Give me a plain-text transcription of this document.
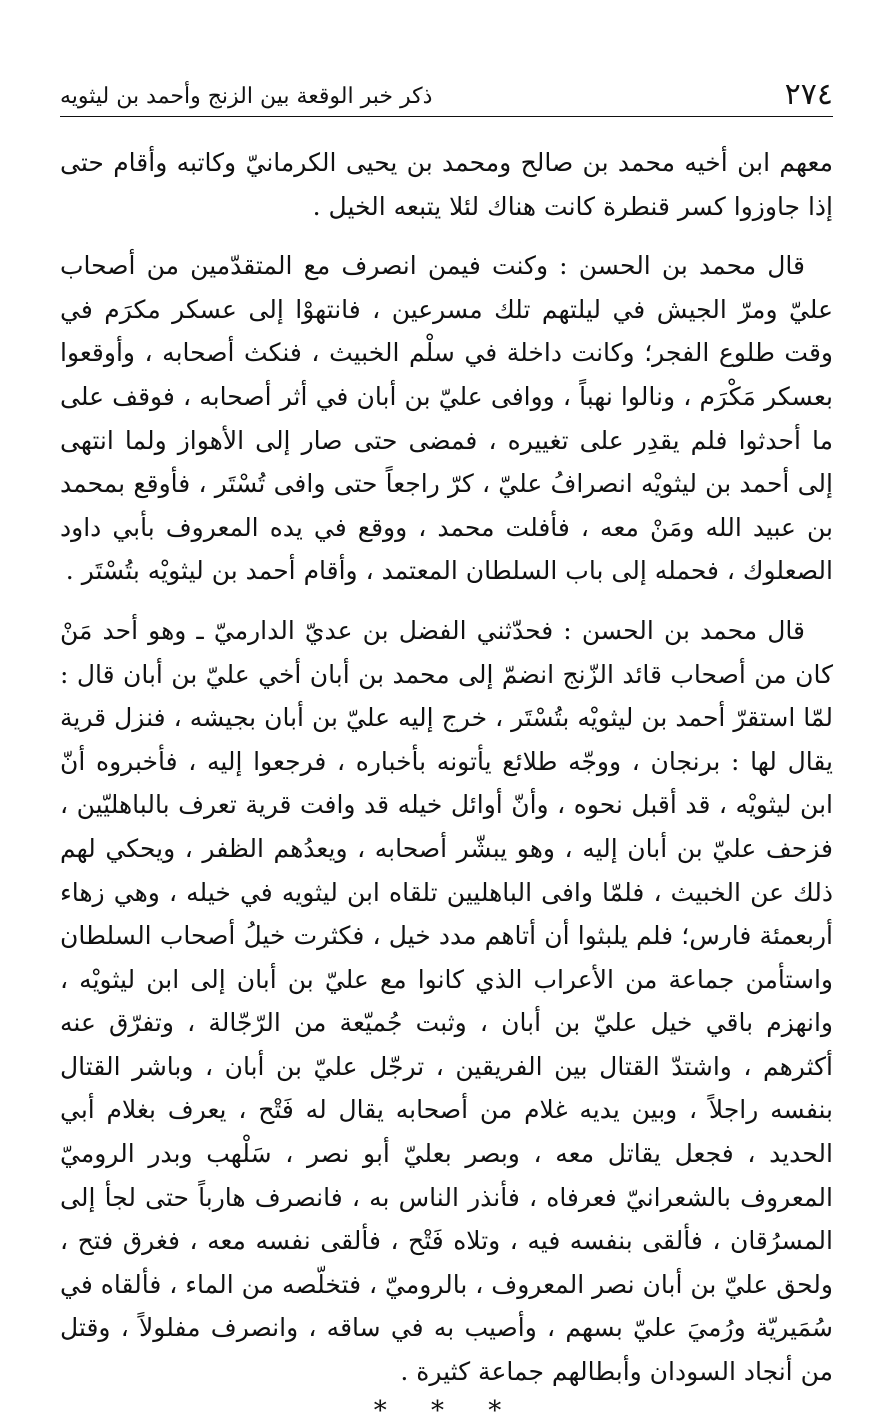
٢٧٤
ذكر خبر الوقعة بين الزنج وأحمد بن ليثويه

معهم ابن أخيه محمد بن صالح ومحمد بن يحيى الكرمانيّ وكاتبه وأقام حتى إذا جاوزوا كسر قنطرة كانت هناك لئلا يتبعه الخيل .

قال محمد بن الحسن : وكنت فيمن انصرف مع المتقدّمين من أصحاب عليّ ومرّ الجيش في ليلتهم تلك مسرعين ، فانتهوْا إلى عسكر مكرَم في وقت طلوع الفجر؛ وكانت داخلة في سلْم الخبيث ، فنكث أصحابه ، وأوقعوا بعسكر مَكْرَم ، ونالوا نهباً ، ووافى عليّ بن أبان في أثر أصحابه ، فوقف على ما أحدثوا فلم يقدِر على تغييره ، فمضى حتى صار إلى الأهواز ولما انتهى إلى أحمد بن ليثويْه انصرافُ عليّ ، كرّ راجعاً حتى وافى تُسْتَر ، فأوقع بمحمد بن عبيد الله ومَنْ معه ، فأفلت محمد ، ووقع في يده المعروف بأبي داود الصعلوك ، فحمله إلى باب السلطان المعتمد ، وأقام أحمد بن ليثويْه بتُسْتَر .

قال محمد بن الحسن : فحدّثني الفضل بن عديّ الدارميّ ـ وهو أحد مَنْ كان من أصحاب قائد الزّنج انضمّ إلى محمد بن أبان أخي عليّ بن أبان قال : لمّا استقرّ أحمد بن ليثويْه بتُسْتَر ، خرج إليه عليّ بن أبان بجيشه ، فنزل قرية يقال لها : برنجان ، ووجّه طلائع يأتونه بأخباره ، فرجعوا إليه ، فأخبروه أنّ ابن ليثويْه ، قد أقبل نحوه ، وأنّ أوائل خيله قد وافت قرية تعرف بالباهليّين ، فزحف عليّ بن أبان إليه ، وهو يبشّر أصحابه ، ويعدُهم الظفر ، ويحكي لهم ذلك عن الخبيث ، فلمّا وافى الباهليين تلقاه ابن ليثويه في خيله ، وهي زهاء أربعمئة فارس؛ فلم يلبثوا أن أتاهم مدد خيل ، فكثرت خيلُ أصحاب السلطان واستأمن جماعة من الأعراب الذي كانوا مع عليّ بن أبان إلى ابن ليثويْه ، وانهزم باقي خيل عليّ بن أبان ، وثبت جُميّعة من الرّجّالة ، وتفرّق عنه أكثرهم ، واشتدّ القتال بين الفريقين ، ترجّل عليّ بن أبان ، وباشر القتال بنفسه راجلاً ، وبين يديه غلام من أصحابه يقال له فَتْح ، يعرف بغلام أبي الحديد ، فجعل يقاتل معه ، وبصر بعليّ أبو نصر ، سَلْهب وبدر الروميّ المعروف بالشعرانيّ فعرفاه ، فأنذر الناس به ، فانصرف هارباً حتى لجأ إلى المسرُقان ، فألقى بنفسه فيه ، وتلاه فَتْح ، فألقى نفسه معه ، فغرق فتح ، ولحق عليّ بن أبان نصر المعروف ، بالروميّ ، فتخلّصه من الماء ، فألقاه في سُمَيريّة ورُميَ عليّ بسهم ، وأصيب به في ساقه ، وانصرف مفلولاً ، وقتل من أنجاد السودان وأبطالهم جماعة كثيرة .

* * *
